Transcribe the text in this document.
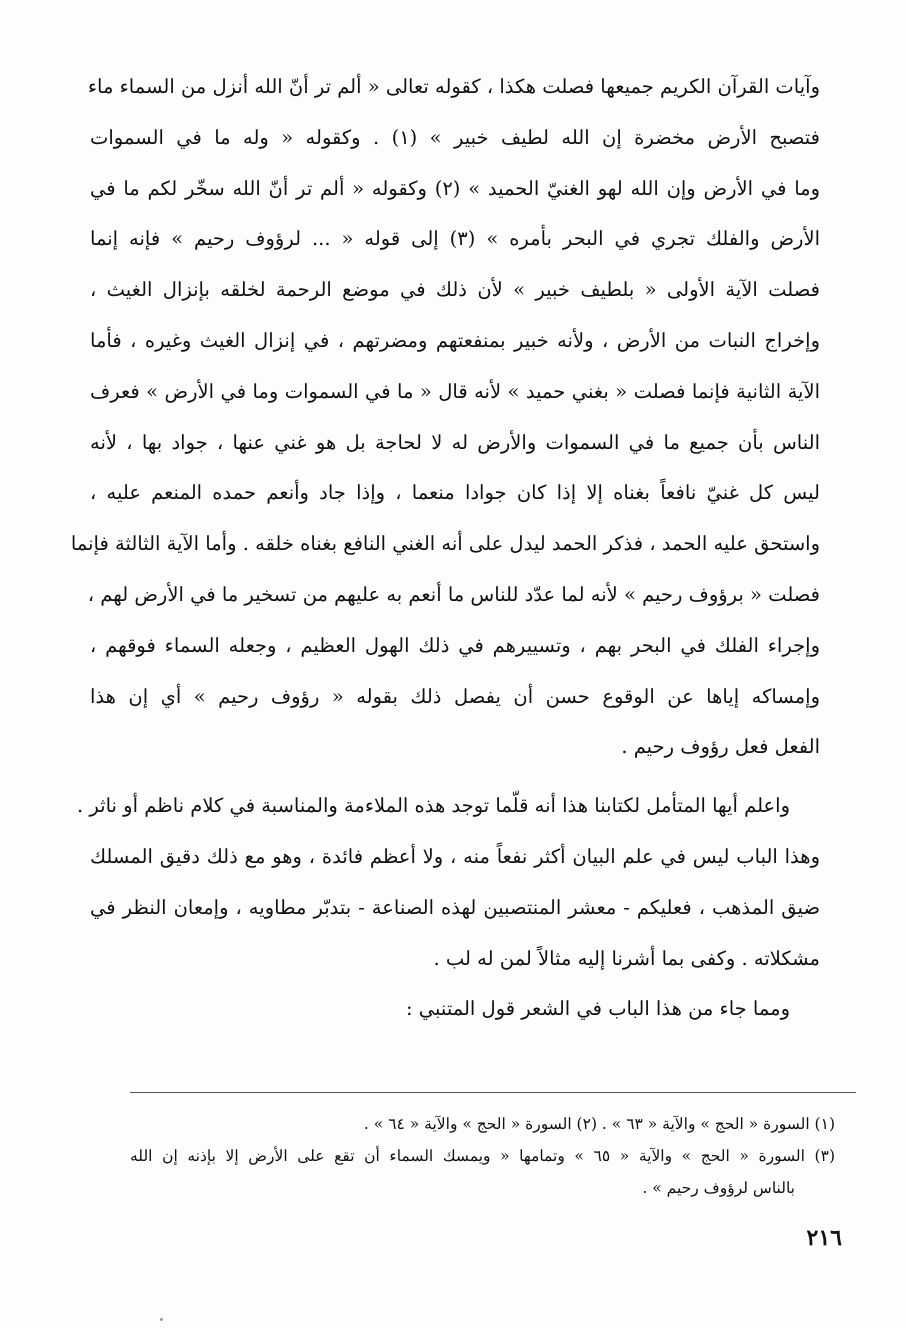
وآيات القرآن الكريم جميعها فصلت هكذا ، كقوله تعالى « ألم تر أنّ الله أنزل من السماء ماء
فتصبح الأرض مخضرة إن الله لطيف خبير » (١) . وكقوله « وله ما في السموات
وما في الأرض وإن الله لهو الغنيّ الحميد » (٢) وكقوله « ألم تر أنّ الله سخّر لكم ما في
الأرض والفلك تجري في البحر بأمره » (٣) إلى قوله « ... لرؤوف رحيم » فإنه إنما
فصلت الآية الأولى « بلطيف خبير » لأن ذلك في موضع الرحمة لخلقه بإنزال الغيث ،
وإخراج النبات من الأرض ، ولأنه خبير بمنفعتهم ومضرتهم ، في إنزال الغيث وغيره ، فأما
الآية الثانية فإنما فصلت « بغني حميد » لأنه قال « ما في السموات وما في الأرض » فعرف
الناس بأن جميع ما في السموات والأرض له لا لحاجة بل هو غني عنها ، جواد بها ، لأنه
ليس كل غنيّ نافعاً بغناه إلا إذا كان جوادا منعما ، وإذا جاد وأنعم حمده المنعم عليه ،
واستحق عليه الحمد ، فذكر الحمد ليدل على أنه الغني النافع بغناه خلقه . وأما الآية الثالثة فإنما
فصلت « برؤوف رحيم » لأنه لما عدّد للناس ما أنعم به عليهم من تسخير ما في الأرض لهم ،
وإجراء الفلك في البحر بهم ، وتسييرهم في ذلك الهول العظيم ، وجعله السماء فوقهم ،
وإمساكه إياها عن الوقوع حسن أن يفصل ذلك بقوله « رؤوف رحيم » أي إن هذا
الفعل فعل رؤوف رحيم .
واعلم أيها المتأمل لكتابنا هذا أنه قلّما توجد هذه الملاءمة والمناسبة في كلام ناظم أو ناثر .
وهذا الباب ليس في علم البيان أكثر نفعاً منه ، ولا أعظم فائدة ، وهو مع ذلك دقيق المسلك
ضيق المذهب ، فعليكم - معشر المنتصبين لهذه الصناعة - بتدبّر مطاويه ، وإمعان النظر في
مشكلاته . وكفى بما أشرنا إليه مثالاً لمن له لب .
ومما جاء من هذا الباب في الشعر قول المتنبي :
(١) السورة « الحج » والآية « ٦٣ » . (٢) السورة « الحج » والآية « ٦٤ » .
(٣) السورة « الحج » والآية « ٦٥ » وتمامها « ويمسك السماء أن تقع على الأرض إلا بإذنه إن الله
بالناس لرؤوف رحيم » .
٢١٦
